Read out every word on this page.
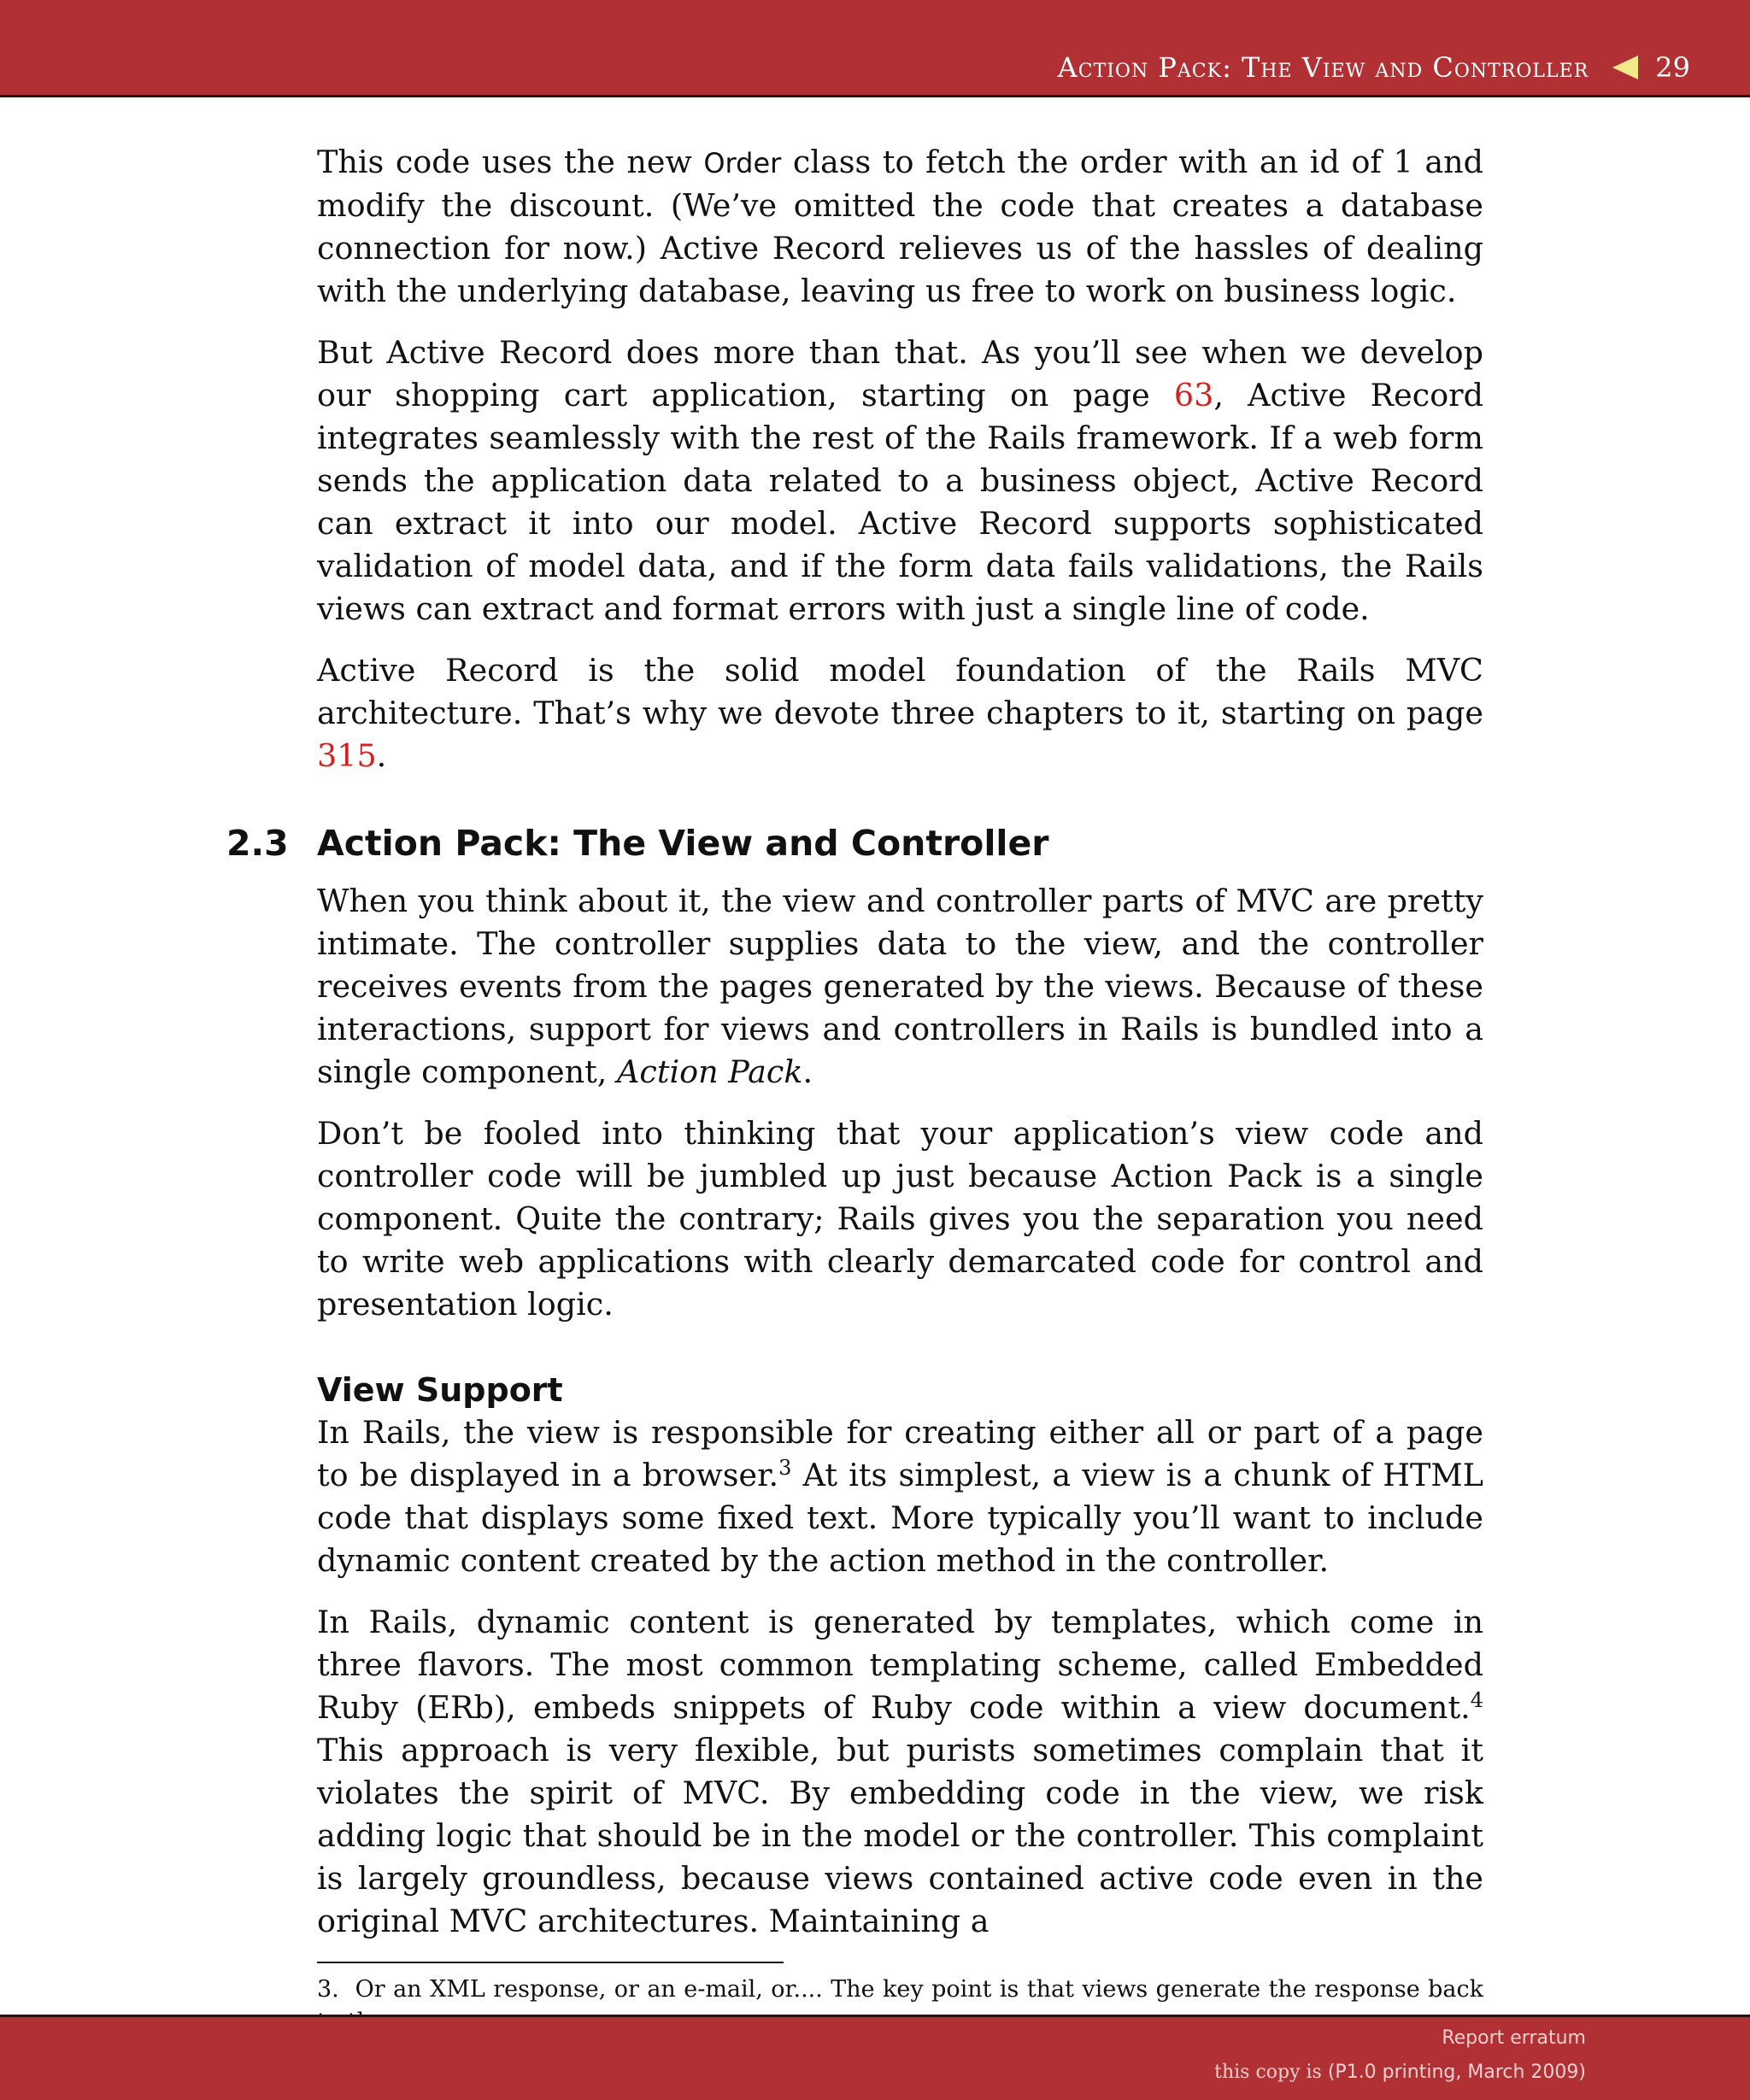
Action Pack: The View and Controller 29

This code uses the new Order class to fetch the order with an id of 1 and modify the discount. (We’ve omitted the code that creates a database connection for now.) Active Record relieves us of the hassles of dealing with the underlying database, leaving us free to work on business logic.

But Active Record does more than that. As you’ll see when we develop our shopping cart application, starting on page 63, Active Record integrates seamlessly with the rest of the Rails framework. If a web form sends the application data related to a business object, Active Record can extract it into our model. Active Record supports sophisticated validation of model data, and if the form data fails validations, the Rails views can extract and format errors with just a single line of code.

Active Record is the solid model foundation of the Rails MVC architecture. That’s why we devote three chapters to it, starting on page 315.

2.3 Action Pack: The View and Controller

When you think about it, the view and controller parts of MVC are pretty intimate. The controller supplies data to the view, and the controller receives events from the pages generated by the views. Because of these interactions, support for views and controllers in Rails is bundled into a single component, Action Pack.

Don’t be fooled into thinking that your application’s view code and controller code will be jumbled up just because Action Pack is a single component. Quite the contrary; Rails gives you the separation you need to write web applications with clearly demarcated code for control and presentation logic.

View Support

In Rails, the view is responsible for creating either all or part of a page to be displayed in a browser.$^3$ At its simplest, a view is a chunk of HTML code that displays some fixed text. More typically you’ll want to include dynamic content created by the action method in the controller.

In Rails, dynamic content is generated by templates, which come in three flavors. The most common templating scheme, called Embedded Ruby (ERb), embeds snippets of Ruby code within a view document.$^4$ This approach is very flexible, but purists sometimes complain that it violates the spirit of MVC. By embedding code in the view, we risk adding logic that should be in the model or the controller. This complaint is largely groundless, because views contained active code even in the original MVC architectures. Maintaining a

3. Or an XML response, or an e-mail, or.... The key point is that views generate the response back

Report erratum
this copy is (P1.0 printing, March 2009)
